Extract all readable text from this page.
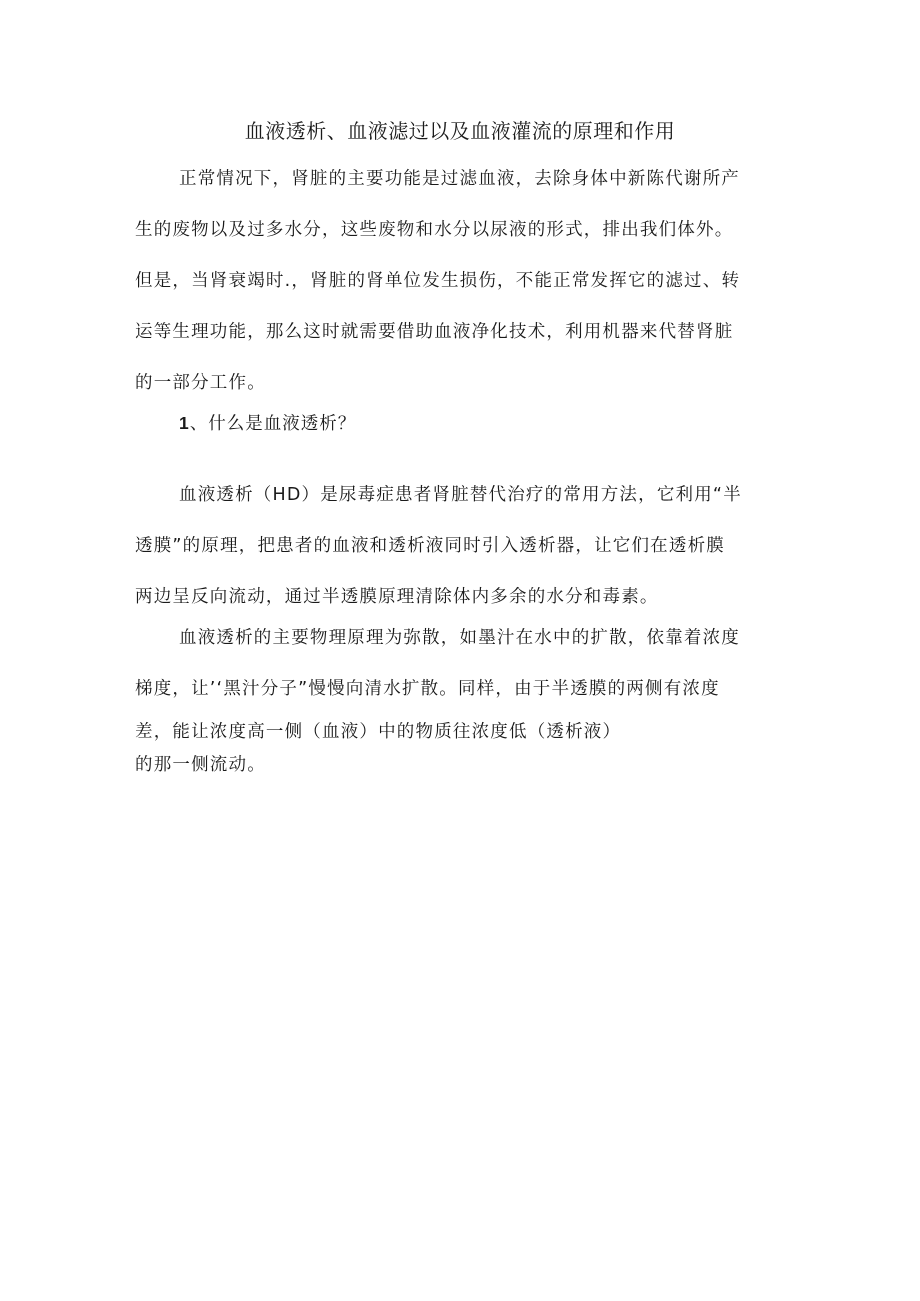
血液透析、血液滤过以及血液灌流的原理和作用
正常情况下，肾脏的主要功能是过滤血液，去除身体中新陈代谢所产
生的废物以及过多水分，这些废物和水分以尿液的形式，排出我们体外。
但是，当肾衰竭时.，肾脏的肾单位发生损伤，不能正常发挥它的滤过、转
运等生理功能，那么这时就需要借助血液净化技术，利用机器来代替肾脏
的一部分工作。
1、什么是血液透析？
血液透析（HD）是尿毒症患者肾脏替代治疗的常用方法，它利用“半
透膜”的原理，把患者的血液和透析液同时引入透析器，让它们在透析膜
两边呈反向流动，通过半透膜原理清除体内多余的水分和毒素。
血液透析的主要物理原理为弥散，如墨汁在水中的扩散，依靠着浓度
梯度，让’‘黑汁分子”慢慢向清水扩散。同样，由于半透膜的两侧有浓度
差，能让浓度高一侧（血液）中的物质往浓度低（透析液）
的那一侧流动。
